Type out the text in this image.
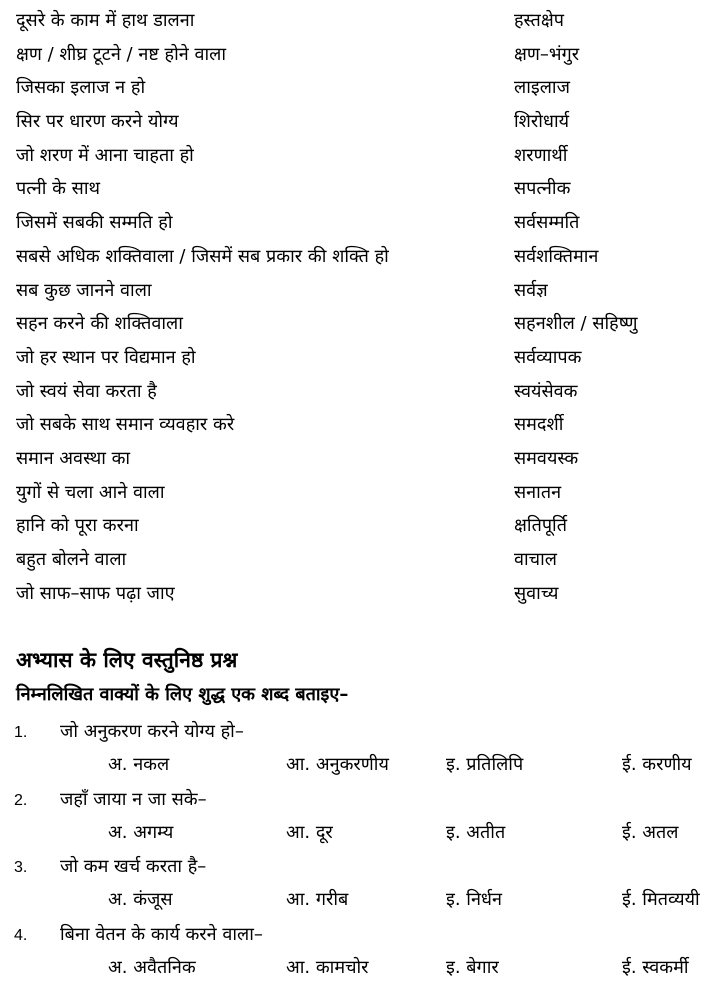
दूसरे के काम में हाथ डालना	हस्तक्षेप
क्षण / शीघ्र टूटने / नष्ट होने वाला	क्षण–भंगुर
जिसका इलाज न हो	लाइलाज
सिर पर धारण करने योग्य	शिरोधार्य
जो शरण में आना चाहता हो	शरणार्थी
पत्नी के साथ	सपत्नीक
जिसमें सबकी सम्मति हो	सर्वसम्मति
सबसे अधिक शक्तिवाला / जिसमें सब प्रकार की शक्ति हो	सर्वशक्तिमान
सब कुछ जानने वाला	सर्वज्ञ
सहन करने की शक्तिवाला	सहनशील / सहिष्णु
जो हर स्थान पर विद्यमान हो	सर्वव्यापक
जो स्वयं सेवा करता है	स्वयंसेवक
जो सबके साथ समान व्यवहार करे	समदर्शी
समान अवस्था का	समवयस्क
युगों से चला आने वाला	सनातन
हानि को पूरा करना	क्षतिपूर्ति
बहुत बोलने वाला	वाचाल
जो साफ–साफ पढ़ा जाए	सुवाच्य
अभ्यास के लिए वस्तुनिष्ठ प्रश्न
निम्नलिखित वाक्यों के लिए शुद्ध एक शब्द बताइए–
1. जो अनुकरण करने योग्य हो–
अ. नकल	आ. अनुकरणीय	इ. प्रतिलिपि	ई. करणीय
2. जहाँ जाया न जा सके–
अ. अगम्य	आ. दूर	इ. अतीत	ई. अतल
3. जो कम खर्च करता है–
अ. कंजूस	आ. गरीब	इ. निर्धन	ई. मितव्ययी
4. बिना वेतन के कार्य करने वाला–
अ. अवैतनिक	आ. कामचोर	इ. बेगार	ई. स्वकर्मी
